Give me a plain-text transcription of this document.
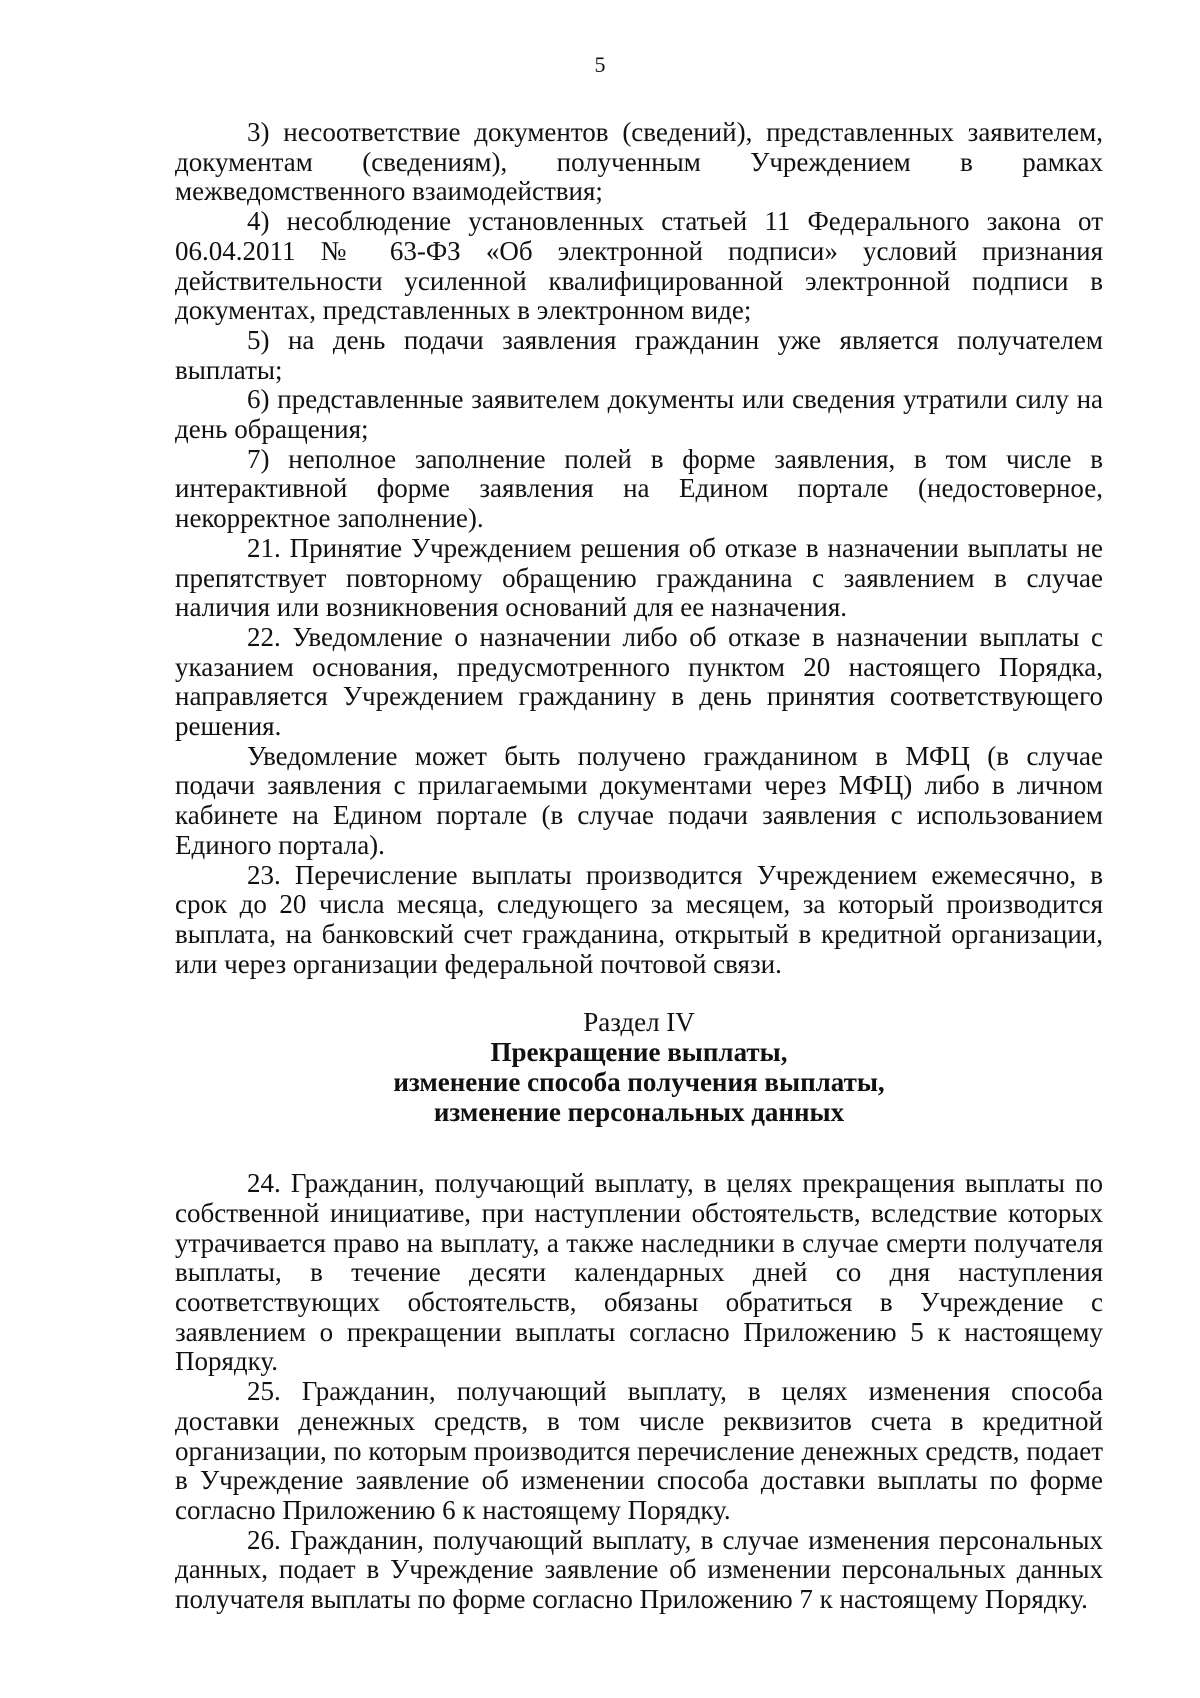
5

3) несоответствие документов (сведений), представленных заявителем, документам (сведениям), полученным Учреждением в рамках межведомственного взаимодействия;

4) несоблюдение установленных статьей 11 Федерального закона от 06.04.2011 № 63-ФЗ «Об электронной подписи» условий признания действительности усиленной квалифицированной электронной подписи в документах, представленных в электронном виде;

5) на день подачи заявления гражданин уже является получателем выплаты;

6) представленные заявителем документы или сведения утратили силу на день обращения;

7) неполное заполнение полей в форме заявления, в том числе в интерактивной форме заявления на Едином портале (недостоверное, некорректное заполнение).

21. Принятие Учреждением решения об отказе в назначении выплаты не препятствует повторному обращению гражданина с заявлением в случае наличия или возникновения оснований для ее назначения.

22. Уведомление о назначении либо об отказе в назначении выплаты с указанием основания, предусмотренного пунктом 20 настоящего Порядка, направляется Учреждением гражданину в день принятия соответствующего решения.

Уведомление может быть получено гражданином в МФЦ (в случае подачи заявления с прилагаемыми документами через МФЦ) либо в личном кабинете на Едином портале (в случае подачи заявления с использованием Единого портала).

23. Перечисление выплаты производится Учреждением ежемесячно, в срок до 20 числа месяца, следующего за месяцем, за который производится выплата, на банковский счет гражданина, открытый в кредитной организации, или через организации федеральной почтовой связи.

Раздел IV
Прекращение выплаты,
изменение способа получения выплаты,
изменение персональных данных

24. Гражданин, получающий выплату, в целях прекращения выплаты по собственной инициативе, при наступлении обстоятельств, вследствие которых утрачивается право на выплату, а также наследники в случае смерти получателя выплаты, в течение десяти календарных дней со дня наступления соответствующих обстоятельств, обязаны обратиться в Учреждение с заявлением о прекращении выплаты согласно Приложению 5 к настоящему Порядку.

25. Гражданин, получающий выплату, в целях изменения способа доставки денежных средств, в том числе реквизитов счета в кредитной организации, по которым производится перечисление денежных средств, подает в Учреждение заявление об изменении способа доставки выплаты по форме согласно Приложению 6 к настоящему Порядку.

26. Гражданин, получающий выплату, в случае изменения персональных данных, подает в Учреждение заявление об изменении персональных данных получателя выплаты по форме согласно Приложению 7 к настоящему Порядку.
